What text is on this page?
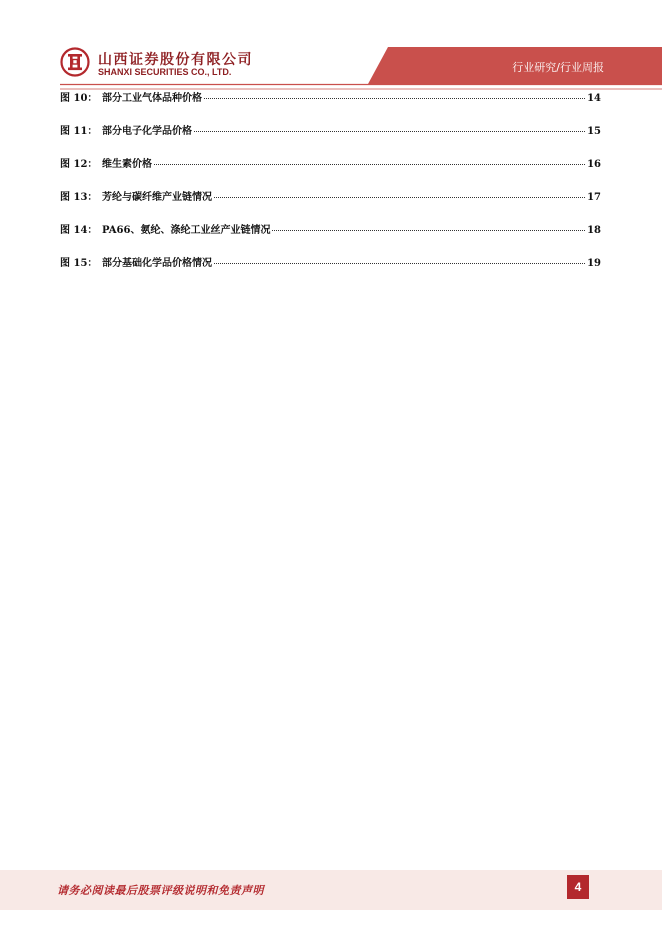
山西证券股份有限公司
SHANXI SECURITIES CO., LTD.	行业研究/行业周报
图 10： 部分工业气体品种价格	14
图 11： 部分电子化学品价格	15
图 12： 维生素价格	16
图 13： 芳纶与碳纤维产业链情况	17
图 14： PA66、氨纶、涤纶工业丝产业链情况	18
图 15： 部分基础化学品价格情况	19
请务必阅读最后股票评级说明和免责声明	4
